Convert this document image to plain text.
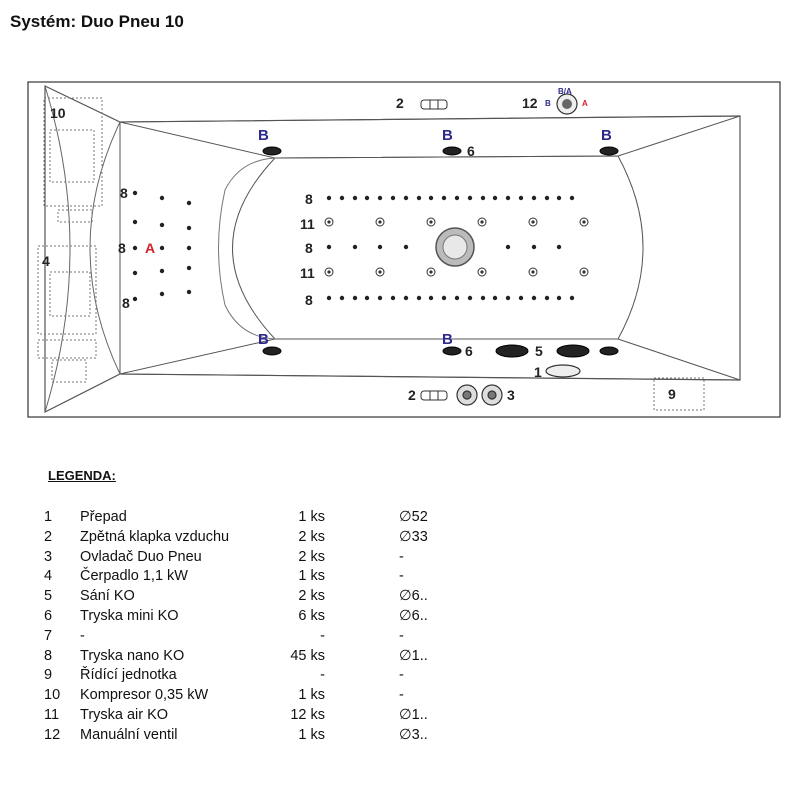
Systém: Duo Pneu 10
10
4
2	12 B
B/A
A
B	B	B
6
8
8 A
8
8
11
8
11
8
B	B
6	5
1
2	3	9
LEGENDA:
1	Přepad	1 ks		∅52
2	Zpětná klapka vzduchu	2 ks		∅33
3	Ovladač Duo Pneu	2 ks		-
4	Čerpadlo 1,1 kW	1 ks		-
5	Sání KO	2 ks		∅6..
6	Tryska mini KO	6 ks		∅6..
7	-	-		-
8	Tryska nano KO	45 ks		∅1..
9	Řídící jednotka	-		-
10	Kompresor 0,35 kW	1 ks		-
11	Tryska air KO	12 ks		∅1..
12	Manuální ventil	1 ks		∅3..
